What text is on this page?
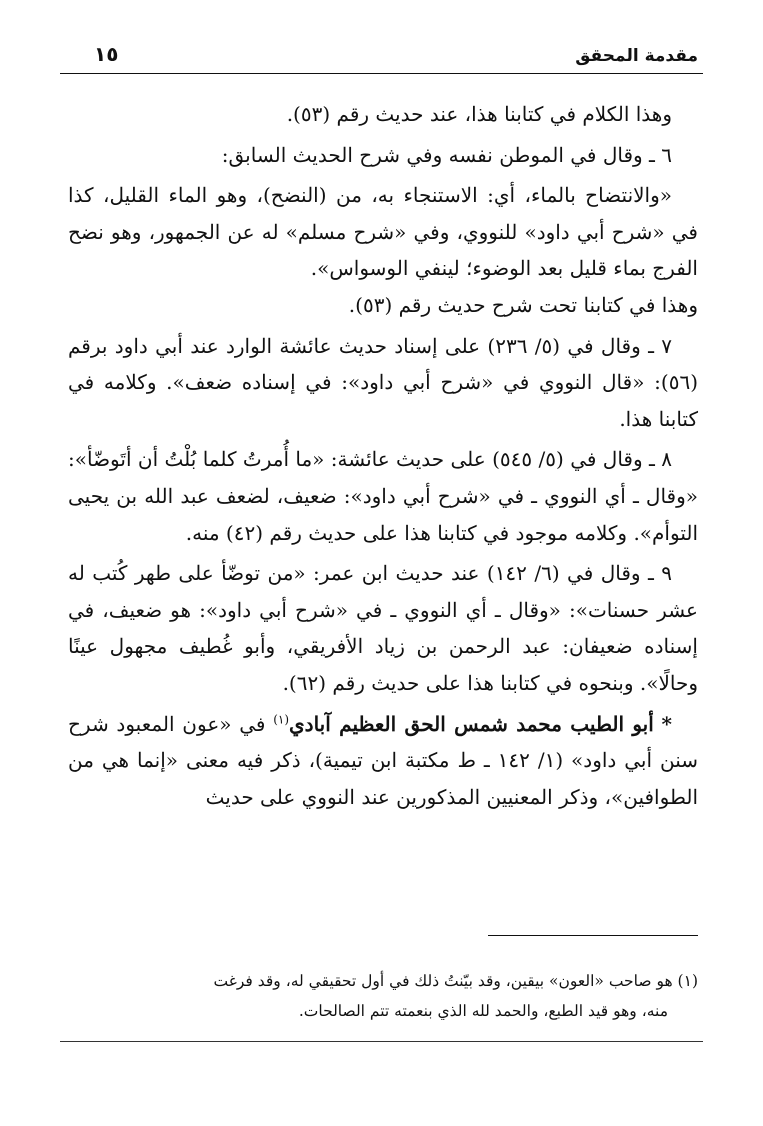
مقدمة المحقق
١٥

وهذا الكلام في كتابنا هذا، عند حديث رقم (٥٣).

٦ ـ وقال في الموطن نفسه وفي شرح الحديث السابق:

«والانتضاح بالماء، أي: الاستنجاء به، من (النضح)، وهو الماء القليل، كذا في «شرح أبي داود» للنووي، وفي «شرح مسلم» له عن الجمهور، وهو نضح الفرج بماء قليل بعد الوضوء؛ لينفي الوسواس».

وهذا في كتابنا تحت شرح حديث رقم (٥٣).

٧ ـ وقال في (٥/ ٢٣٦) على إسناد حديث عائشة الوارد عند أبي داود برقم (٥٦): «قال النووي في «شرح أبي داود»: في إسناده ضعف». وكلامه في كتابنا هذا.

٨ ـ وقال في (٥/ ٥٤٥) على حديث عائشة: «ما أُمرتُ كلما بُلْتُ أن أتَوضّأ»: «وقال ـ أي النووي ـ في «شرح أبي داود»: ضعيف، لضعف عبد الله بن يحيى التوأم». وكلامه موجود في كتابنا هذا على حديث رقم (٤٢) منه.

٩ ـ وقال في (٦/ ١٤٢) عند حديث ابن عمر: «من توضّأ على طهر كُتب له عشر حسنات»: «وقال ـ أي النووي ـ في «شرح أبي داود»: هو ضعيف، في إسناده ضعيفان: عبد الرحمن بن زياد الأفريقي، وأبو غُطيف مجهول عينًا وحالًا». وبنحوه في كتابنا هذا على حديث رقم (٦٢).

* أبو الطيب محمد شمس الحق العظيم آبادي$^{(١)}$ في «عون المعبود شرح سنن أبي داود» (١/ ١٤٢ ـ ط مكتبة ابن تيمية)، ذكر فيه معنى «إنما هي من الطوافين»، وذكر المعنيين المذكورين عند النووي على حديث

(١) هو صاحب «العون» بيقين، وقد بيّنتُ ذلك في أول تحقيقي له، وقد فرغت

منه، وهو قيد الطبع، والحمد لله الذي بنعمته تتم الصالحات.
